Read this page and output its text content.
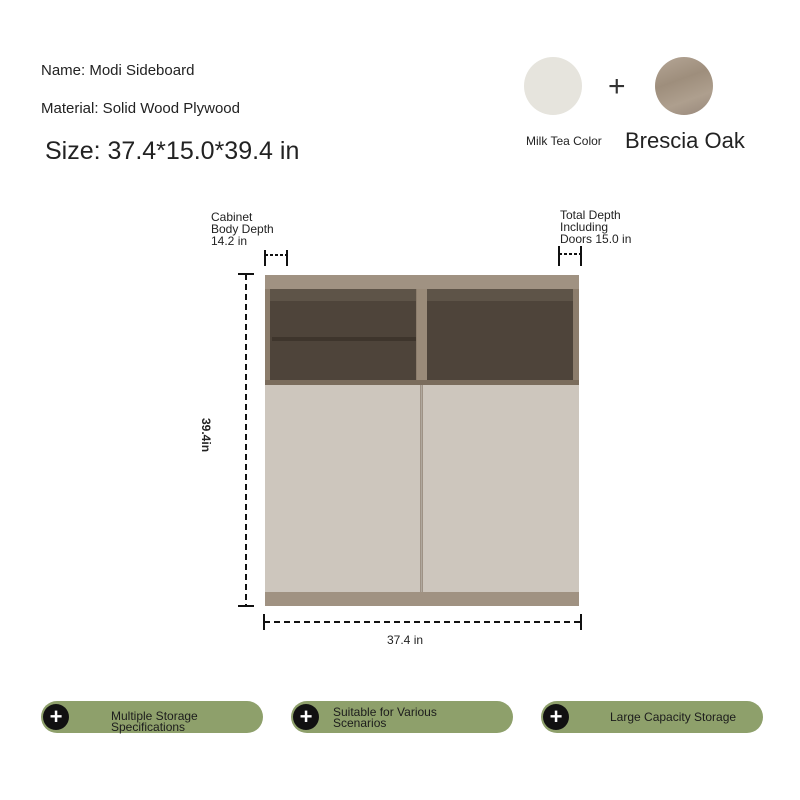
Name: Modi Sideboard
Material: Solid Wood Plywood
Size: 37.4*15.0*39.4 in
+
Milk Tea Color Brescia Oak
Cabinet
Body Depth
14.2 in
Total Depth
Including
Doors 15.0 in
39.4in
37.4 in
+	Multiple Storage Specifications	+	Suitable for Various
Scenarios	+	Large Capacity Storage
